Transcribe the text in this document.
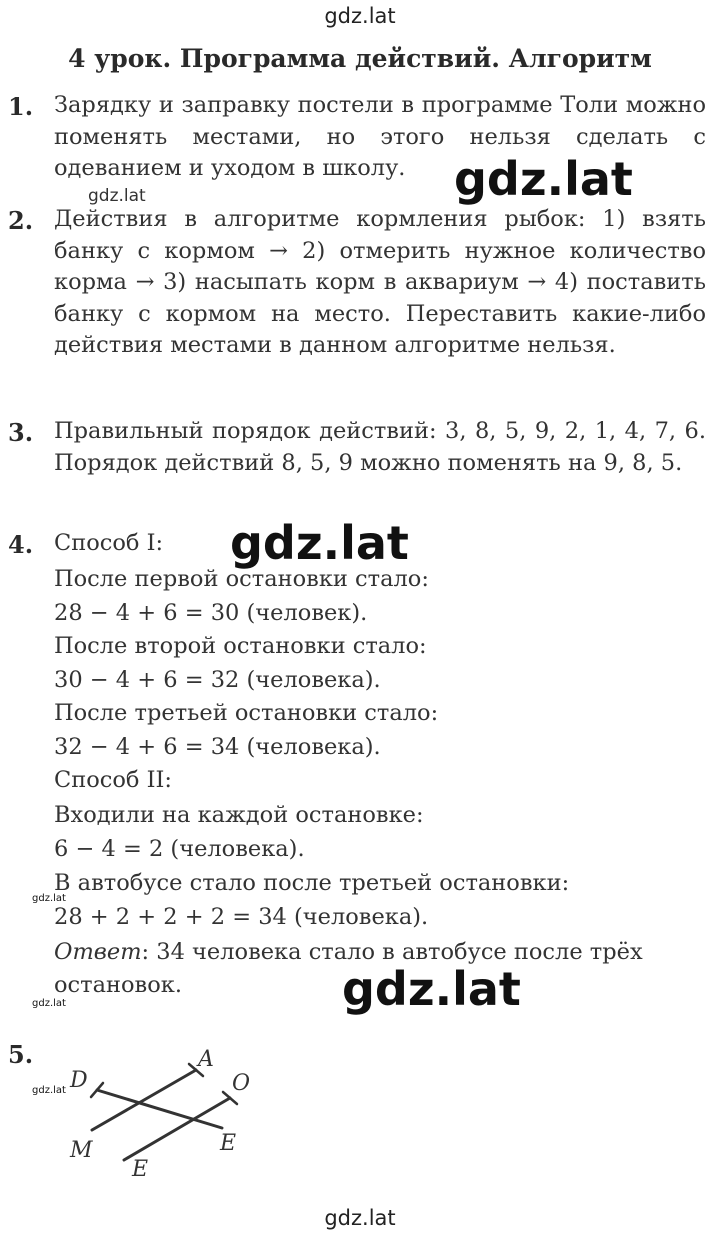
gdz.lat
4 урок. Программа действий. Алгоритм
1. Зарядку и заправку постели в программе Толи можно поменять местами, но этого нельзя сделать с одеванием и уходом в школу.	gdz.lat
gdz.lat
2. Действия в алгоритме кормления рыбок: 1) взять банку с кормом → 2) отмерить нужное количество корма → 3) насыпать корм в аквариум → 4) поставить банку с кормом на место. Переставить какие-либо действия местами в данном алгоритме нельзя.
3. Правильный порядок действий: 3, 8, 5, 9, 2, 1, 4, 7, 6. Порядок действий 8, 5, 9 можно поменять на 9, 8, 5.
4. Способ I: gdz.lat
После первой остановки стало:
28 − 4 + 6 = 30 (человек).
После второй остановки стало:
30 − 4 + 6 = 32 (человека).
После третьей остановки стало:
32 − 4 + 6 = 34 (человека).
Способ II:
Входили на каждой остановке:
6 − 4 = 2 (человека).
В автобусе стало после третьей остановки:
gdz.lat
28 + 2 + 2 + 2 = 34 (человека).
Ответ: 34 человека стало в автобусе после трёх
остановок.	gdz.lat
gdz.lat
5.
gdz.lat D
A
O
M	E
E
gdz.lat
